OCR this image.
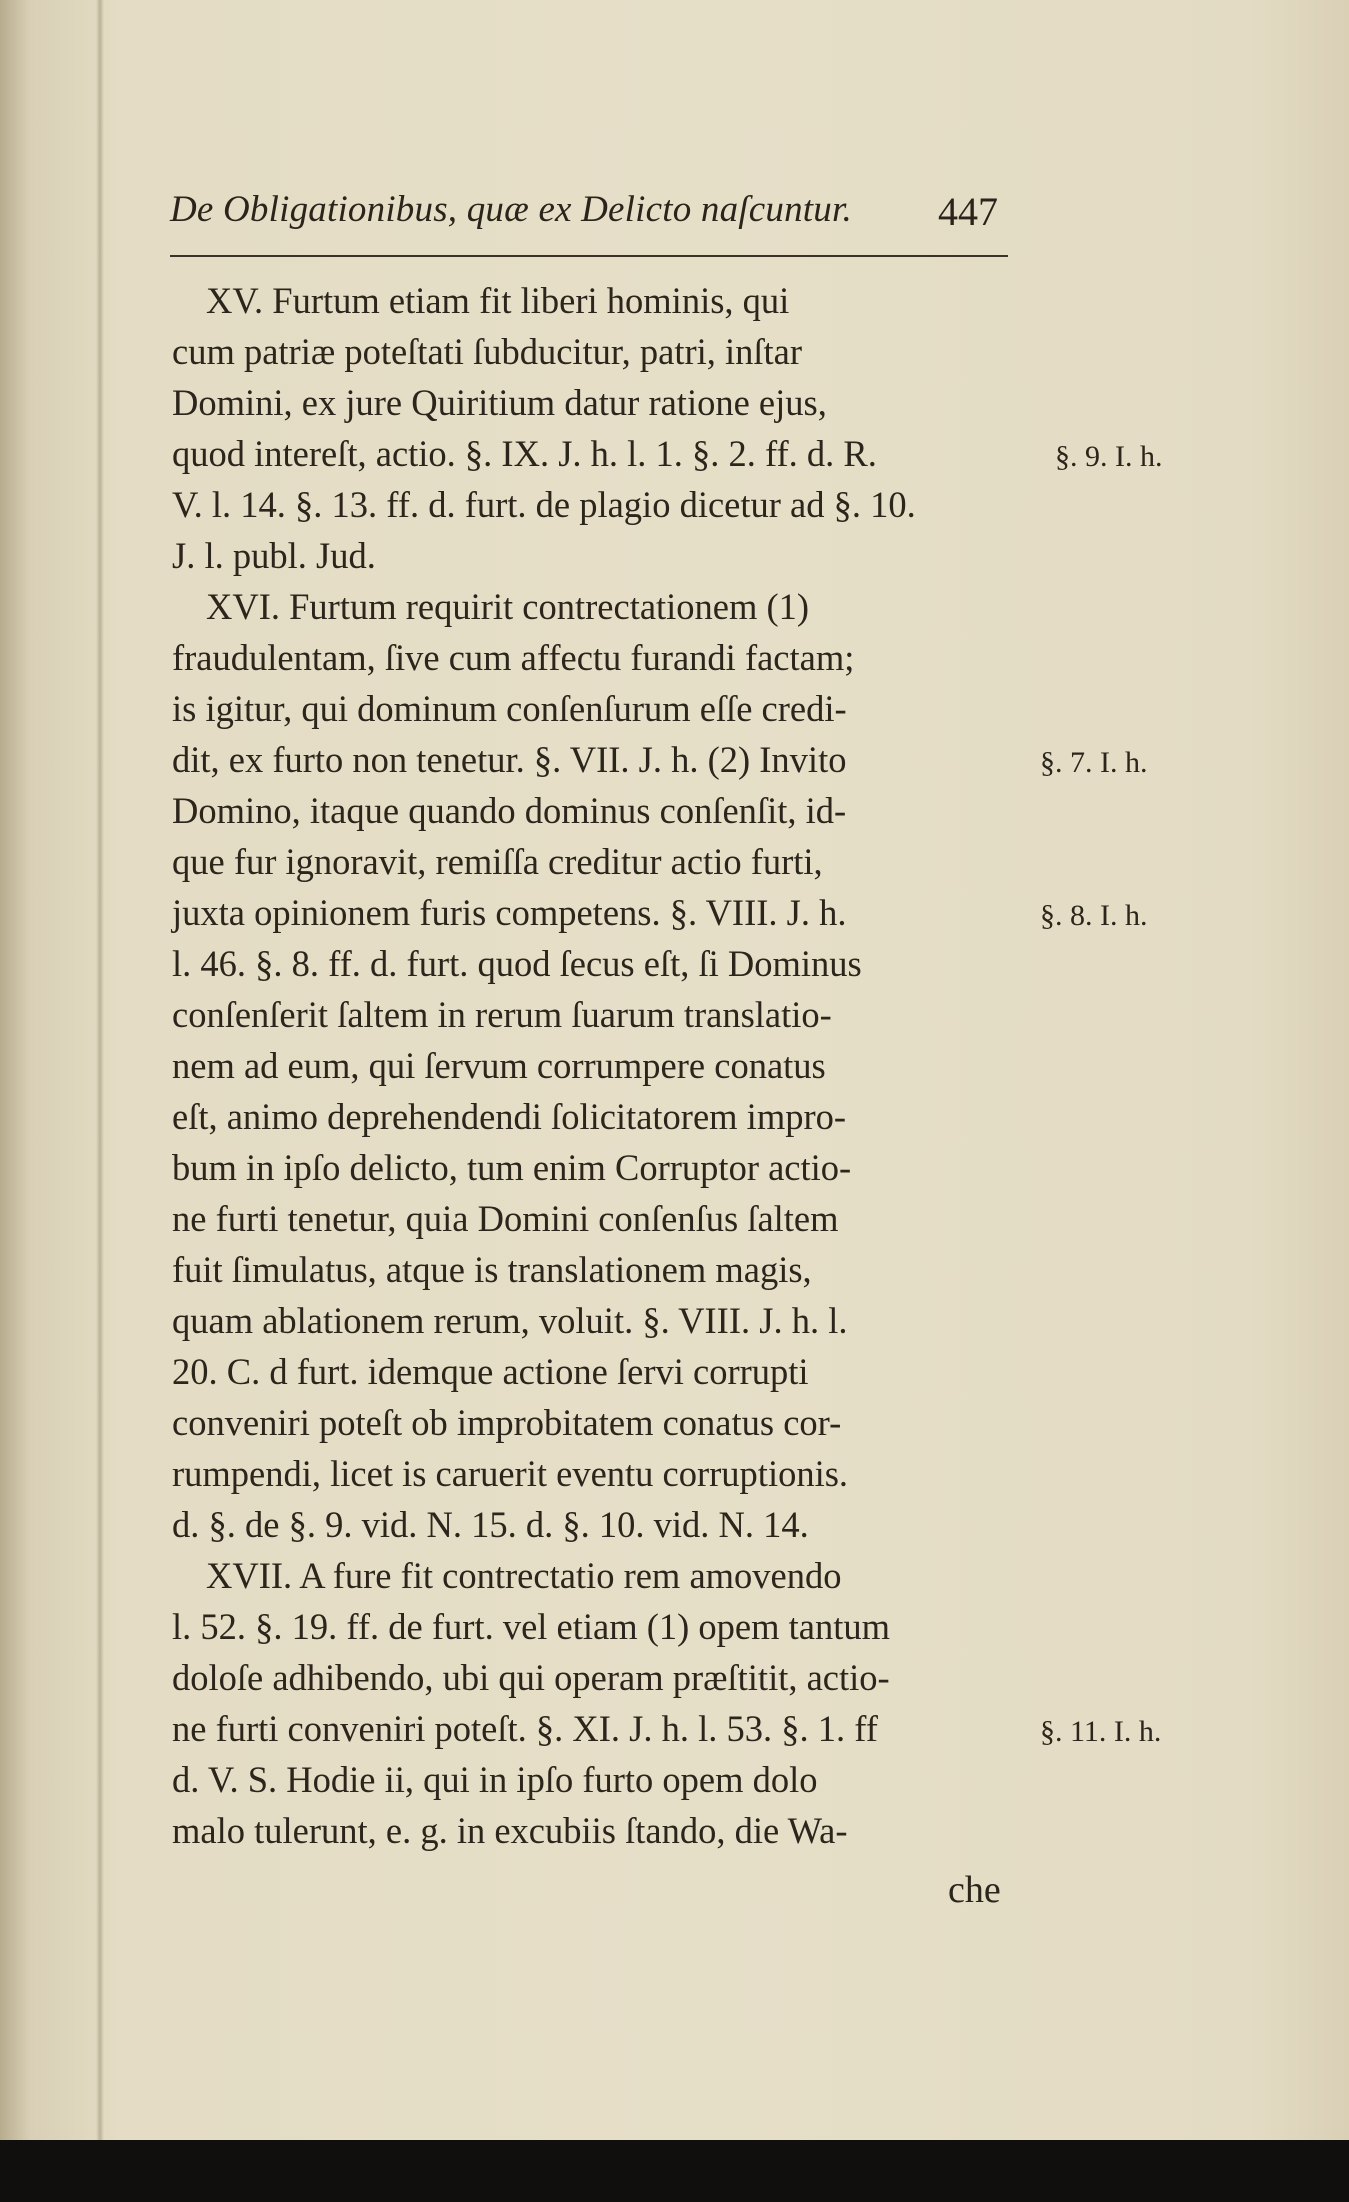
De Obligationibus, quæ ex Delicto naſcuntur. 447
XV. Furtum etiam fit liberi hominis, qui
cum patriæ poteſtati ſubducitur, patri, inſtar
Domini, ex jure Quiritium datur ratione ejus,
quod intereſt, actio. §. IX. J. h. l. 1. §. 2. ff. d. R.
V. l. 14. §. 13. ff. d. furt. de plagio dicetur ad §. 10.
J. l. publ. Jud.
XVI. Furtum requirit contrectationem (1)
fraudulentam, ſive cum affectu furandi factam;
is igitur, qui dominum conſenſurum eſſe credi-
dit, ex furto non tenetur. §. VII. J. h. (2) Invito
Domino, itaque quando dominus conſenſit, id-
que fur ignoravit, remiſſa creditur actio furti,
juxta opinionem furis competens. §. VIII. J. h.
l. 46. §. 8. ff. d. furt. quod ſecus eſt, ſi Dominus
conſenſerit ſaltem in rerum ſuarum translatio-
nem ad eum, qui ſervum corrumpere conatus
eſt, animo deprehendendi ſolicitatorem impro-
bum in ipſo delicto, tum enim Corruptor actio-
ne furti tenetur, quia Domini conſenſus ſaltem
fuit ſimulatus, atque is translationem magis,
quam ablationem rerum, voluit. §. VIII. J. h. l.
20. C. d furt. idemque actione ſervi corrupti
conveniri poteſt ob improbitatem conatus cor-
rumpendi, licet is caruerit eventu corruptionis.
d. §. de §. 9. vid. N. 15. d. §. 10. vid. N. 14.
XVII. A fure fit contrectatio rem amovendo
l. 52. §. 19. ff. de furt. vel etiam (1) opem tantum
doloſe adhibendo, ubi qui operam præſtitit, actio-
ne furti conveniri poteſt. §. XI. J. h. l. 53. §. 1. ff
d. V. S. Hodie ii, qui in ipſo furto opem dolo
malo tulerunt, e. g. in excubiis ſtando, die Wa-
§. 9. I. h.
§. 7. I. h.
§. 8. I. h.
§. 11. I. h.
che
